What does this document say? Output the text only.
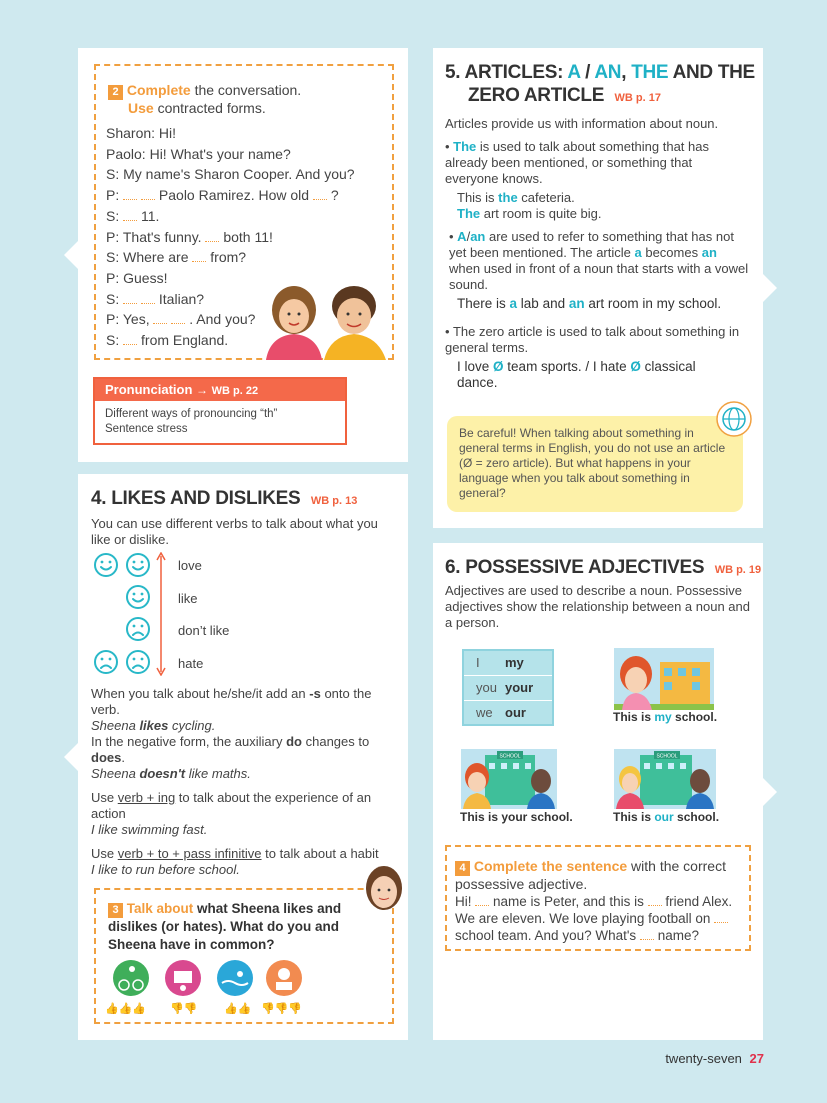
2 Complete the conversation.
Use contracted forms.
Sharon: Hi!
Paolo: Hi! What's your name?
S: My name's Sharon Cooper. And you?
P:	Paolo Ramirez. How old  ?
S:  11.
P: That's funny.  both 11!
S: Where are  from?
P: Guess!
S:	Italian?
P: Yes,	. And you?
S:  from England.
Pronunciation → WB p. 22
Different ways of pronouncing “th”
Sentence stress
4. LIKES AND DISLIKES WB p. 13
You can use different verbs to talk about what you like or dislike.
love
like
don’t like
hate
When you talk about he/she/it add an -s onto the verb.
Sheena likes cycling.
In the negative form, the auxiliary do changes to does.
Sheena doesn't like maths.
Use verb + ing to talk about the experience of an action
I like swimming fast.
Use verb + to + pass infinitive to talk about a habit
I like to run before school.
3 Talk about what Sheena likes and dislikes (or hates). What do you and Sheena have in common?
👍👍👍 👎👎 👍👍 👎👎👎
5. ARTICLES: A / AN, THE AND THE
ZERO ARTICLE WB p. 17
Articles provide us with information about noun.
• The is used to talk about something that has already been mentioned, or something that everyone knows.
This is the cafeteria.
The art room is quite big.
• A/an are used to refer to something that has not yet been mentioned. The article a becomes an when used in front of a noun that starts with a vowel sound.
There is a lab and an art room in my school.
• The zero article is used to talk about something in general terms.
I love Ø team sports. / I hate Ø classical dance.
Be careful! When talking about something in general terms in English, you do not use an article (Ø = zero article). But what happens in your language when you talk about something in general?
6. POSSESSIVE ADJECTIVES WB p. 19
Adjectives are used to describe a noun. Possessive adjectives show the relationship between a noun and a person.
I	my
you	your
we	our	This is my school.
SCHOOL
This is your school.
SCHOOL
This is our school.
4 Complete the sentence with the correct possessive adjective.
Hi!  name is Peter, and this is  friend Alex. We are eleven. We love playing football on  school team. And you? What's  name?
twenty-seven 27
